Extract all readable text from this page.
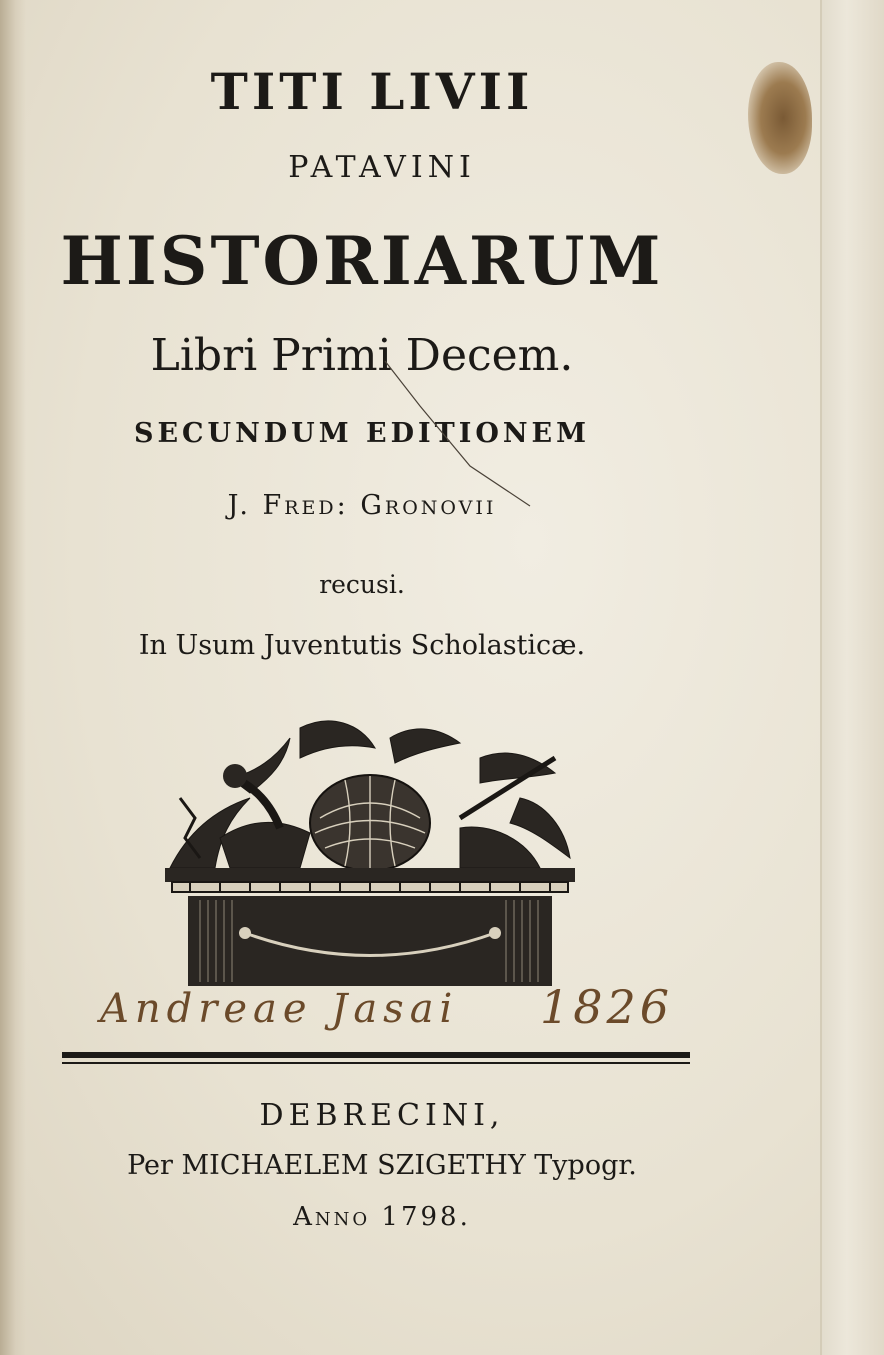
TITI LIVII
PATAVINI
HISTORIARUM
Libri Primi Decem.
SECUNDUM EDITIONEM
J. Fred: Gronovii
recusi.
In Usum Juventutis Scholasticæ.
Andreae Jasai 1826
DEBRECINI,
Per MICHAELEM SZIGETHY Typogr.
Anno 1798.
